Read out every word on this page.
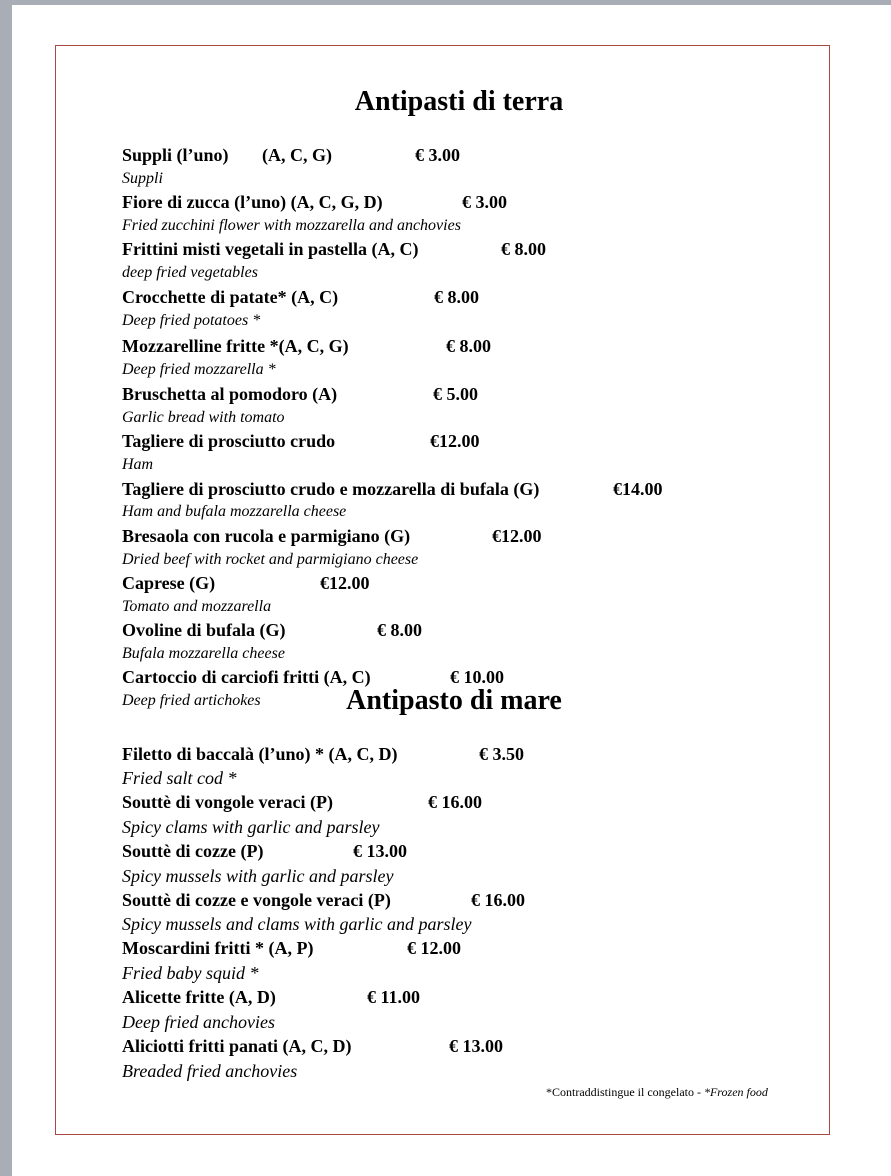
Antipasti di terra
Suppli (l’uno) (A, C, G)	€ 3.00
Suppli
Fiore di zucca (l’uno) (A, C, G, D)	€ 3.00
Fried zucchini flower with mozzarella and anchovies
Frittini misti vegetali in pastella (A, C)	€ 8.00
deep fried vegetables
Crocchette di patate* (A, C)	€ 8.00
Deep fried potatoes *
Mozzarelline fritte *(A, C, G)	€ 8.00
Deep fried mozzarella *
Bruschetta al pomodoro (A)	€ 5.00
Garlic bread with tomato
Tagliere di prosciutto crudo	€12.00
Ham
Tagliere di prosciutto crudo e mozzarella di bufala (G)	€14.00
Ham and bufala mozzarella cheese
Bresaola con rucola e parmigiano (G)	€12.00
Dried beef with rocket and parmigiano cheese
Caprese (G)	€12.00
Tomato and mozzarella
Ovoline di bufala (G)	€ 8.00
Bufala mozzarella cheese
Cartoccio di carciofi fritti (A, C)	€ 10.00
Deep fried artichokes	Antipasto di mare
Filetto di baccalà (l’uno) * (A, C, D)	€ 3.50
Fried salt cod *
Souttè di vongole veraci (P)	€ 16.00
Spicy clams with garlic and parsley
Souttè di cozze (P)	€ 13.00
Spicy mussels with garlic and parsley
Souttè di cozze e vongole veraci (P)	€ 16.00
Spicy mussels and clams with garlic and parsley
Moscardini fritti * (A, P)	€ 12.00
Fried baby squid *
Alicette fritte (A, D)	€ 11.00
Deep fried anchovies
Aliciotti fritti panati (A, C, D)	€ 13.00
Breaded fried anchovies
*Contraddistingue il congelato - *Frozen food
